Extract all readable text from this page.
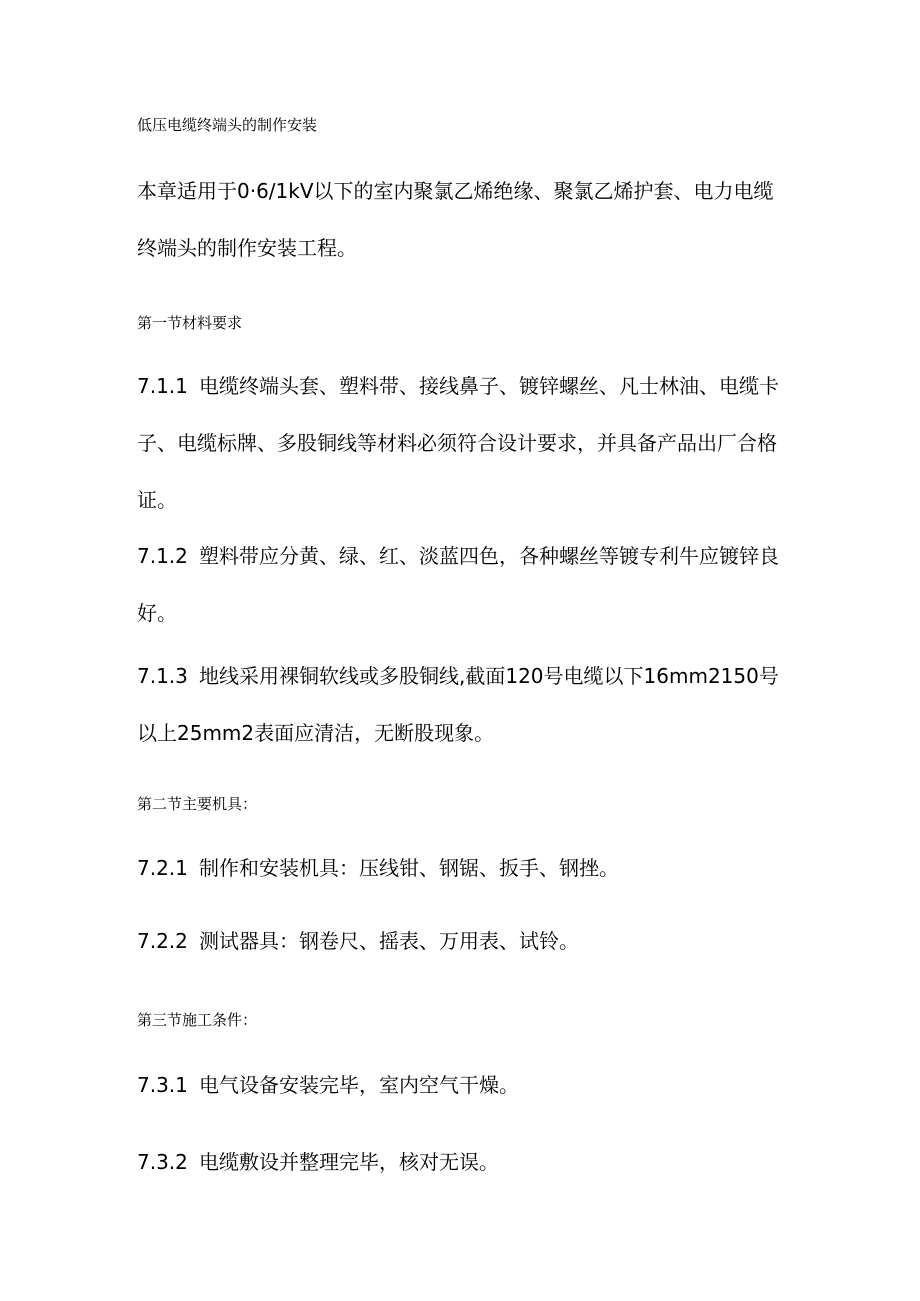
低压电缆终端头的制作安装

本章适用于0·6/1kV以下的室内聚氯乙烯绝缘、聚氯乙烯护套、电力电缆终端头的制作安装工程。

第一节材料要求

7.1.1 电缆终端头套、塑料带、接线鼻子、镀锌螺丝、凡士林油、电缆卡子、电缆标牌、多股铜线等材料必须符合设计要求，并具备产品出厂合格证。

7.1.2 塑料带应分黄、绿、红、淡蓝四色，各种螺丝等镀专利牛应镀锌良好。

7.1.3 地线采用裸铜软线或多股铜线,截面120号电缆以下16mm2150号以上25mm2表面应清洁，无断股现象。

第二节主要机具：

7.2.1 制作和安装机具：压线钳、钢锯、扳手、钢挫。

7.2.2 测试器具：钢卷尺、摇表、万用表、试铃。

第三节施工条件：

7.3.1 电气设备安装完毕，室内空气干燥。

7.3.2 电缆敷设并整理完毕，核对无误。
